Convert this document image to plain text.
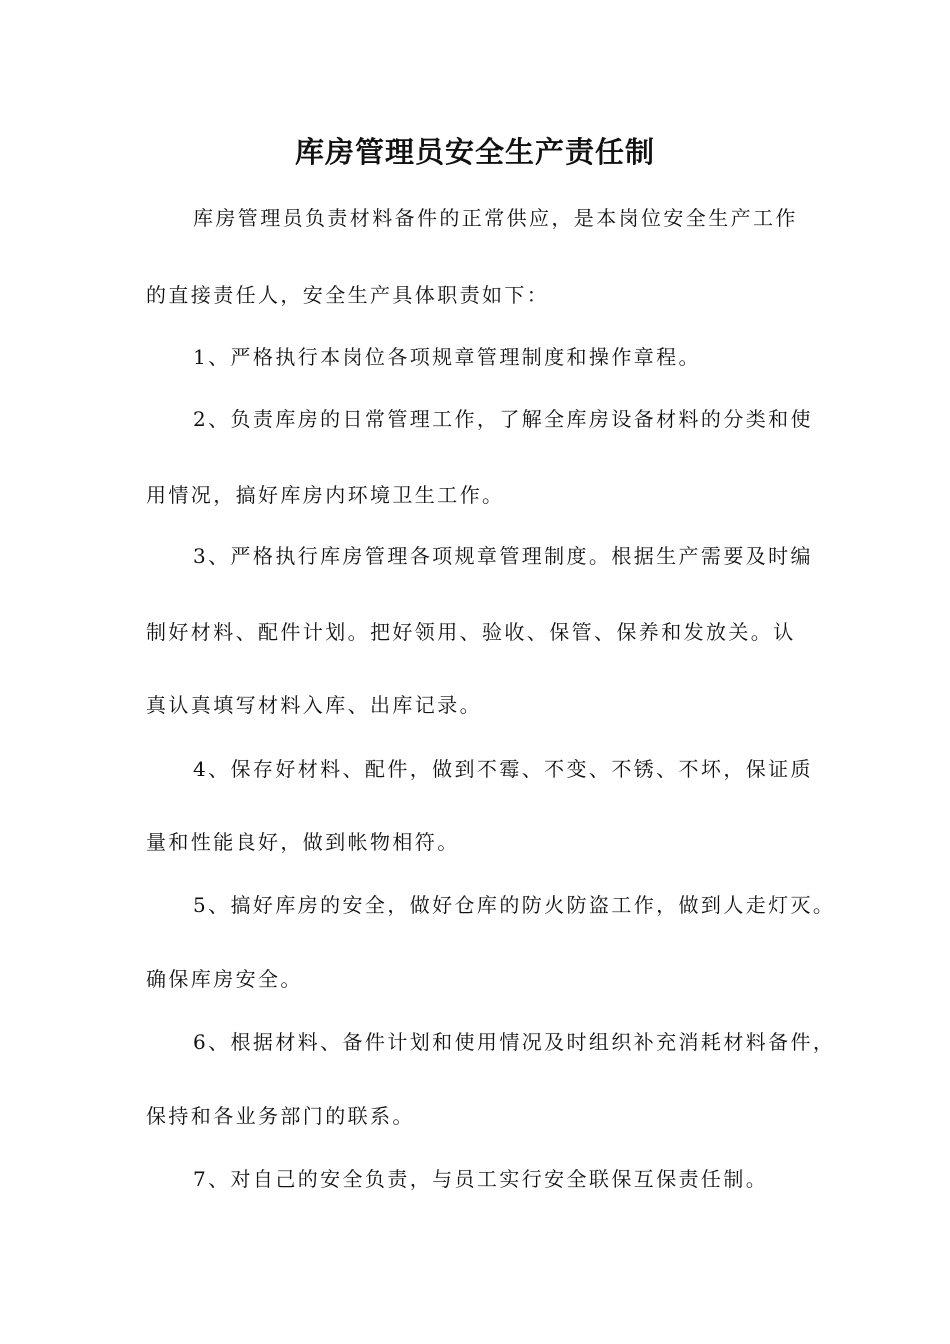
库房管理员安全生产责任制

库房管理员负责材料备件的正常供应，是本岗位安全生产工作

的直接责任人，安全生产具体职责如下：

1、严格执行本岗位各项规章管理制度和操作章程。

2、负责库房的日常管理工作，了解全库房设备材料的分类和使

用情况，搞好库房内环境卫生工作。

3、严格执行库房管理各项规章管理制度。根据生产需要及时编

制好材料、配件计划。把好领用、验收、保管、保养和发放关。认

真认真填写材料入库、出库记录。

4、保存好材料、配件，做到不霉、不变、不锈、不坏，保证质

量和性能良好，做到帐物相符。

5、搞好库房的安全，做好仓库的防火防盗工作，做到人走灯灭。

确保库房安全。

6、根据材料、备件计划和使用情况及时组织补充消耗材料备件，

保持和各业务部门的联系。

7、对自己的安全负责，与员工实行安全联保互保责任制。
